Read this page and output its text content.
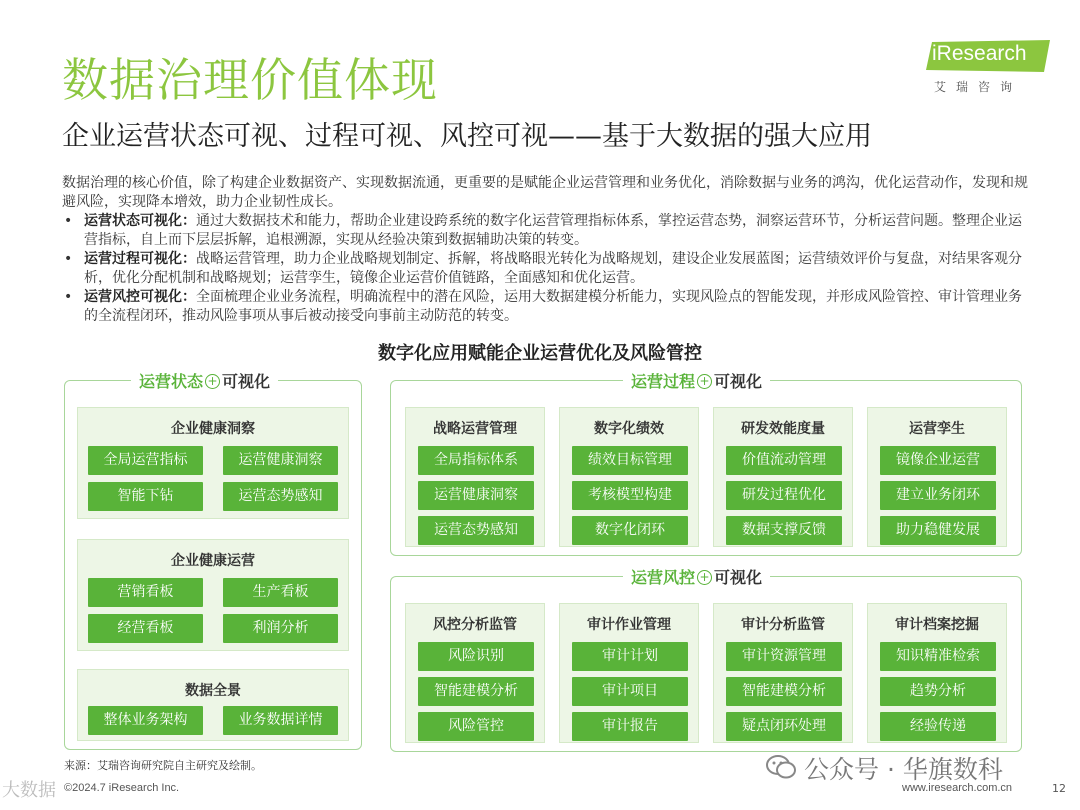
数据治理价值体现
企业运营状态可视、过程可视、风控可视——基于大数据的强大应用
iResearch
艾瑞咨询

数据治理的核心价值，除了构建企业数据资产、实现数据流通，更重要的是赋能企业运营管理和业务优化，消除数据与业务的鸿沟，优化运营动作，发现和规避风险，实现降本增效，助力企业韧性成长。

• 运营状态可视化：通过大数据技术和能力，帮助企业建设跨系统的数字化运营管理指标体系，掌控运营态势，洞察运营环节，分析运营问题。整理企业运营指标，自上而下层层拆解，追根溯源，实现从经验决策到数据辅助决策的转变。

• 运营过程可视化：战略运营管理，助力企业战略规划制定、拆解，将战略眼光转化为战略规划，建设企业发展蓝图；运营绩效评价与复盘，对结果客观分析，优化分配机制和战略规划；运营孪生，镜像企业运营价值链路，全面感知和优化运营。

• 运营风控可视化：全面梳理企业业务流程，明确流程中的潜在风险，运用大数据建模分析能力，实现风险点的智能发现，并形成风险管控、审计管理业务的全流程闭环，推动风险事项从事后被动接受向事前主动防范的转变。

数字化应用赋能企业运营优化及风险管控
运营状态 + 可视化
企业健康洞察
全局运营指标	运营健康洞察
智能下钻	运营态势感知
企业健康运营
营销看板	生产看板
经营看板	利润分析
数据全景
整体业务架构	业务数据详情
运营过程 + 可视化
战略运营管理
全局指标体系
运营健康洞察
运营态势感知
数字化绩效
绩效目标管理
考核模型构建
数字化闭环
研发效能度量
价值流动管理
研发过程优化
数据支撑反馈
运营孪生
镜像企业运营
建立业务闭环
助力稳健发展
运营风控 + 可视化
风控分析监管
风险识别
智能建模分析
风险管控
审计作业管理
审计计划
审计项目
审计报告
审计分析监管
审计资源管理
智能建模分析
疑点闭环处理
审计档案挖掘
知识精准检索
趋势分析
经验传递
来源：艾瑞咨询研究院自主研究及绘制。
©2024.7 iResearch Inc.	www.iresearch.com.cn	12
公众号 · 华旗数科
大数据
